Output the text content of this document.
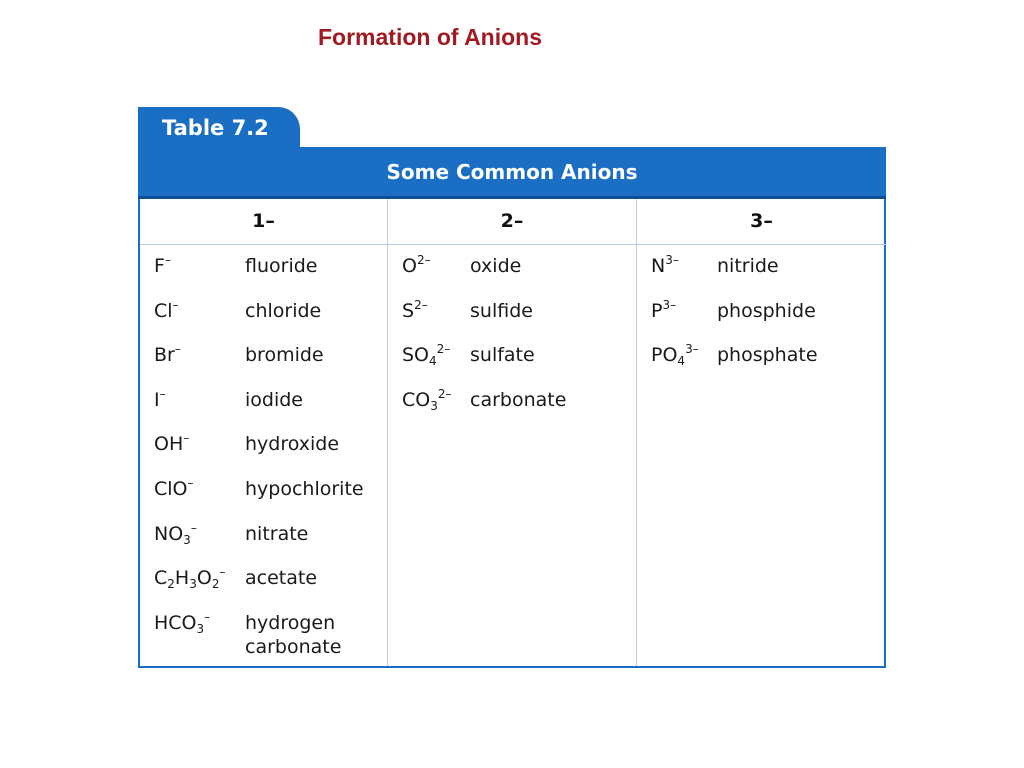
Formation of Anions
Table 7.2
Some Common Anions
1–
F–	fluoride
Cl–	chloride
Br–	bromide
I–	iodide
OH–	hydroxide
ClO–	hypochlorite
$NO_3^-$	nitrate
$C_2H_3O_2^-$ acetate
$HCO_3^-$ hydrogen carbonate
2–
$O^{2-}$ oxide
$S^{2-}$ sulfide
$SO_4^{2-}$ sulfate
$CO_3^{2-}$ carbonate
3–
$N^{3-}$ nitride
$P^{3-}$ phosphide
$PO_4^{3-}$ phosphate
